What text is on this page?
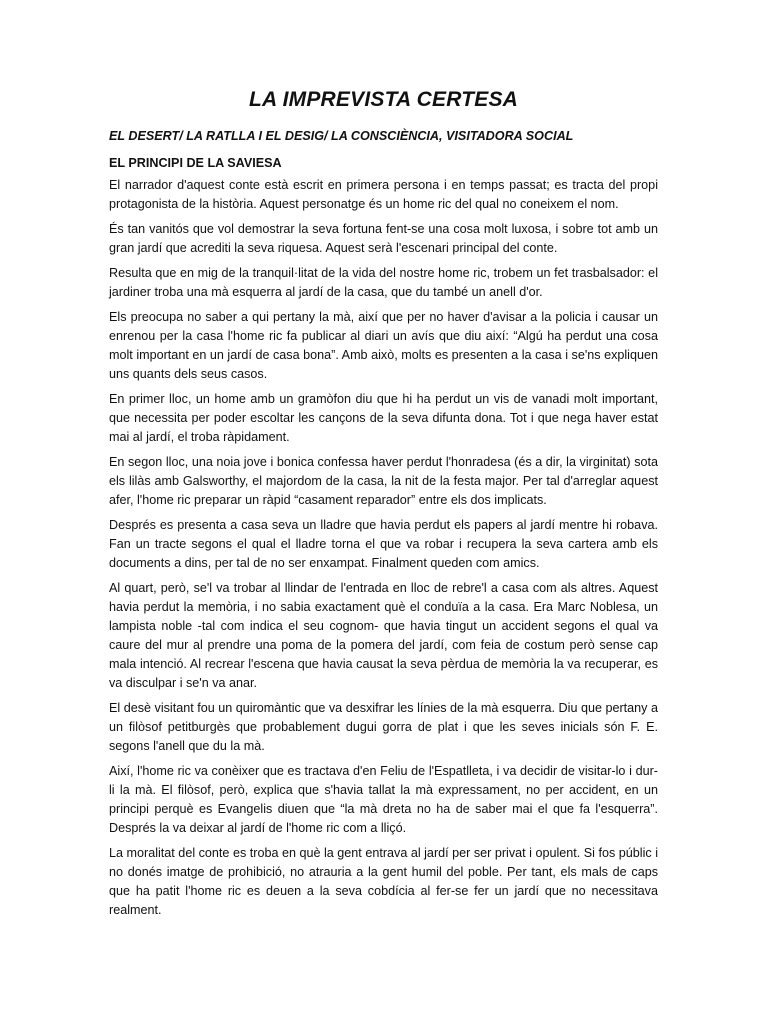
LA IMPREVISTA CERTESA
EL DESERT/ LA RATLLA I EL DESIG/ LA CONSCIÈNCIA, VISITADORA SOCIAL
EL PRINCIPI DE LA SAVIESA

El narrador d'aquest conte està escrit en primera persona i en temps passat; es tracta del propi protagonista de la història. Aquest personatge és un home ric del qual no coneixem el nom.

És tan vanitós que vol demostrar la seva fortuna fent-se una cosa molt luxosa, i sobre tot amb un gran jardí que acrediti la seva riquesa. Aquest serà l'escenari principal del conte.

Resulta que en mig de la tranquil·litat de la vida del nostre home ric, trobem un fet trasbalsador: el jardiner troba una mà esquerra al jardí de la casa, que du també un anell d'or.

Els preocupa no saber a qui pertany la mà, així que per no haver d'avisar a la policia i causar un enrenou per la casa l'home ric fa publicar al diari un avís que diu així: “Algú ha perdut una cosa molt important en un jardí de casa bona”. Amb això, molts es presenten a la casa i se'ns expliquen uns quants dels seus casos.

En primer lloc, un home amb un gramòfon diu que hi ha perdut un vis de vanadi molt important, que necessita per poder escoltar les cançons de la seva difunta dona. Tot i que nega haver estat mai al jardí, el troba ràpidament.

En segon lloc, una noia jove i bonica confessa haver perdut l'honradesa (és a dir, la virginitat) sota els lilàs amb Galsworthy, el majordom de la casa, la nit de la festa major. Per tal d'arreglar aquest afer, l'home ric preparar un ràpid “casament reparador” entre els dos implicats.

Després es presenta a casa seva un lladre que havia perdut els papers al jardí mentre hi robava. Fan un tracte segons el qual el lladre torna el que va robar i recupera la seva cartera amb els documents a dins, per tal de no ser enxampat. Finalment queden com amics.

Al quart, però, se'l va trobar al llindar de l'entrada en lloc de rebre'l a casa com als altres. Aquest havia perdut la memòria, i no sabia exactament què el conduïa a la casa. Era Marc Noblesa, un lampista noble -tal com indica el seu cognom- que havia tingut un accident segons el qual va caure del mur al prendre una poma de la pomera del jardí, com feia de costum però sense cap mala intenció. Al recrear l'escena que havia causat la seva pèrdua de memòria la va recuperar, es va disculpar i se'n va anar.

El desè visitant fou un quiromàntic que va desxifrar les línies de la mà esquerra. Diu que pertany a un filòsof petitburgès que probablement dugui gorra de plat i que les seves inicials són F. E. segons l'anell que du la mà.

Així, l'home ric va conèixer que es tractava d'en Feliu de l'Espatlleta, i va decidir de visitar-lo i dur-li la mà. El filòsof, però, explica que s'havia tallat la mà expressament, no per accident, en un principi perquè es Evangelis diuen que “la mà dreta no ha de saber mai el que fa l'esquerra”. Després la va deixar al jardí de l'home ric com a lliçó.

La moralitat del conte es troba en què la gent entrava al jardí per ser privat i opulent. Si fos públic i no donés imatge de prohibició, no atrauria a la gent humil del poble. Per tant, els mals de caps que ha patit l'home ric es deuen a la seva cobdícia al fer-se fer un jardí que no necessitava realment.
